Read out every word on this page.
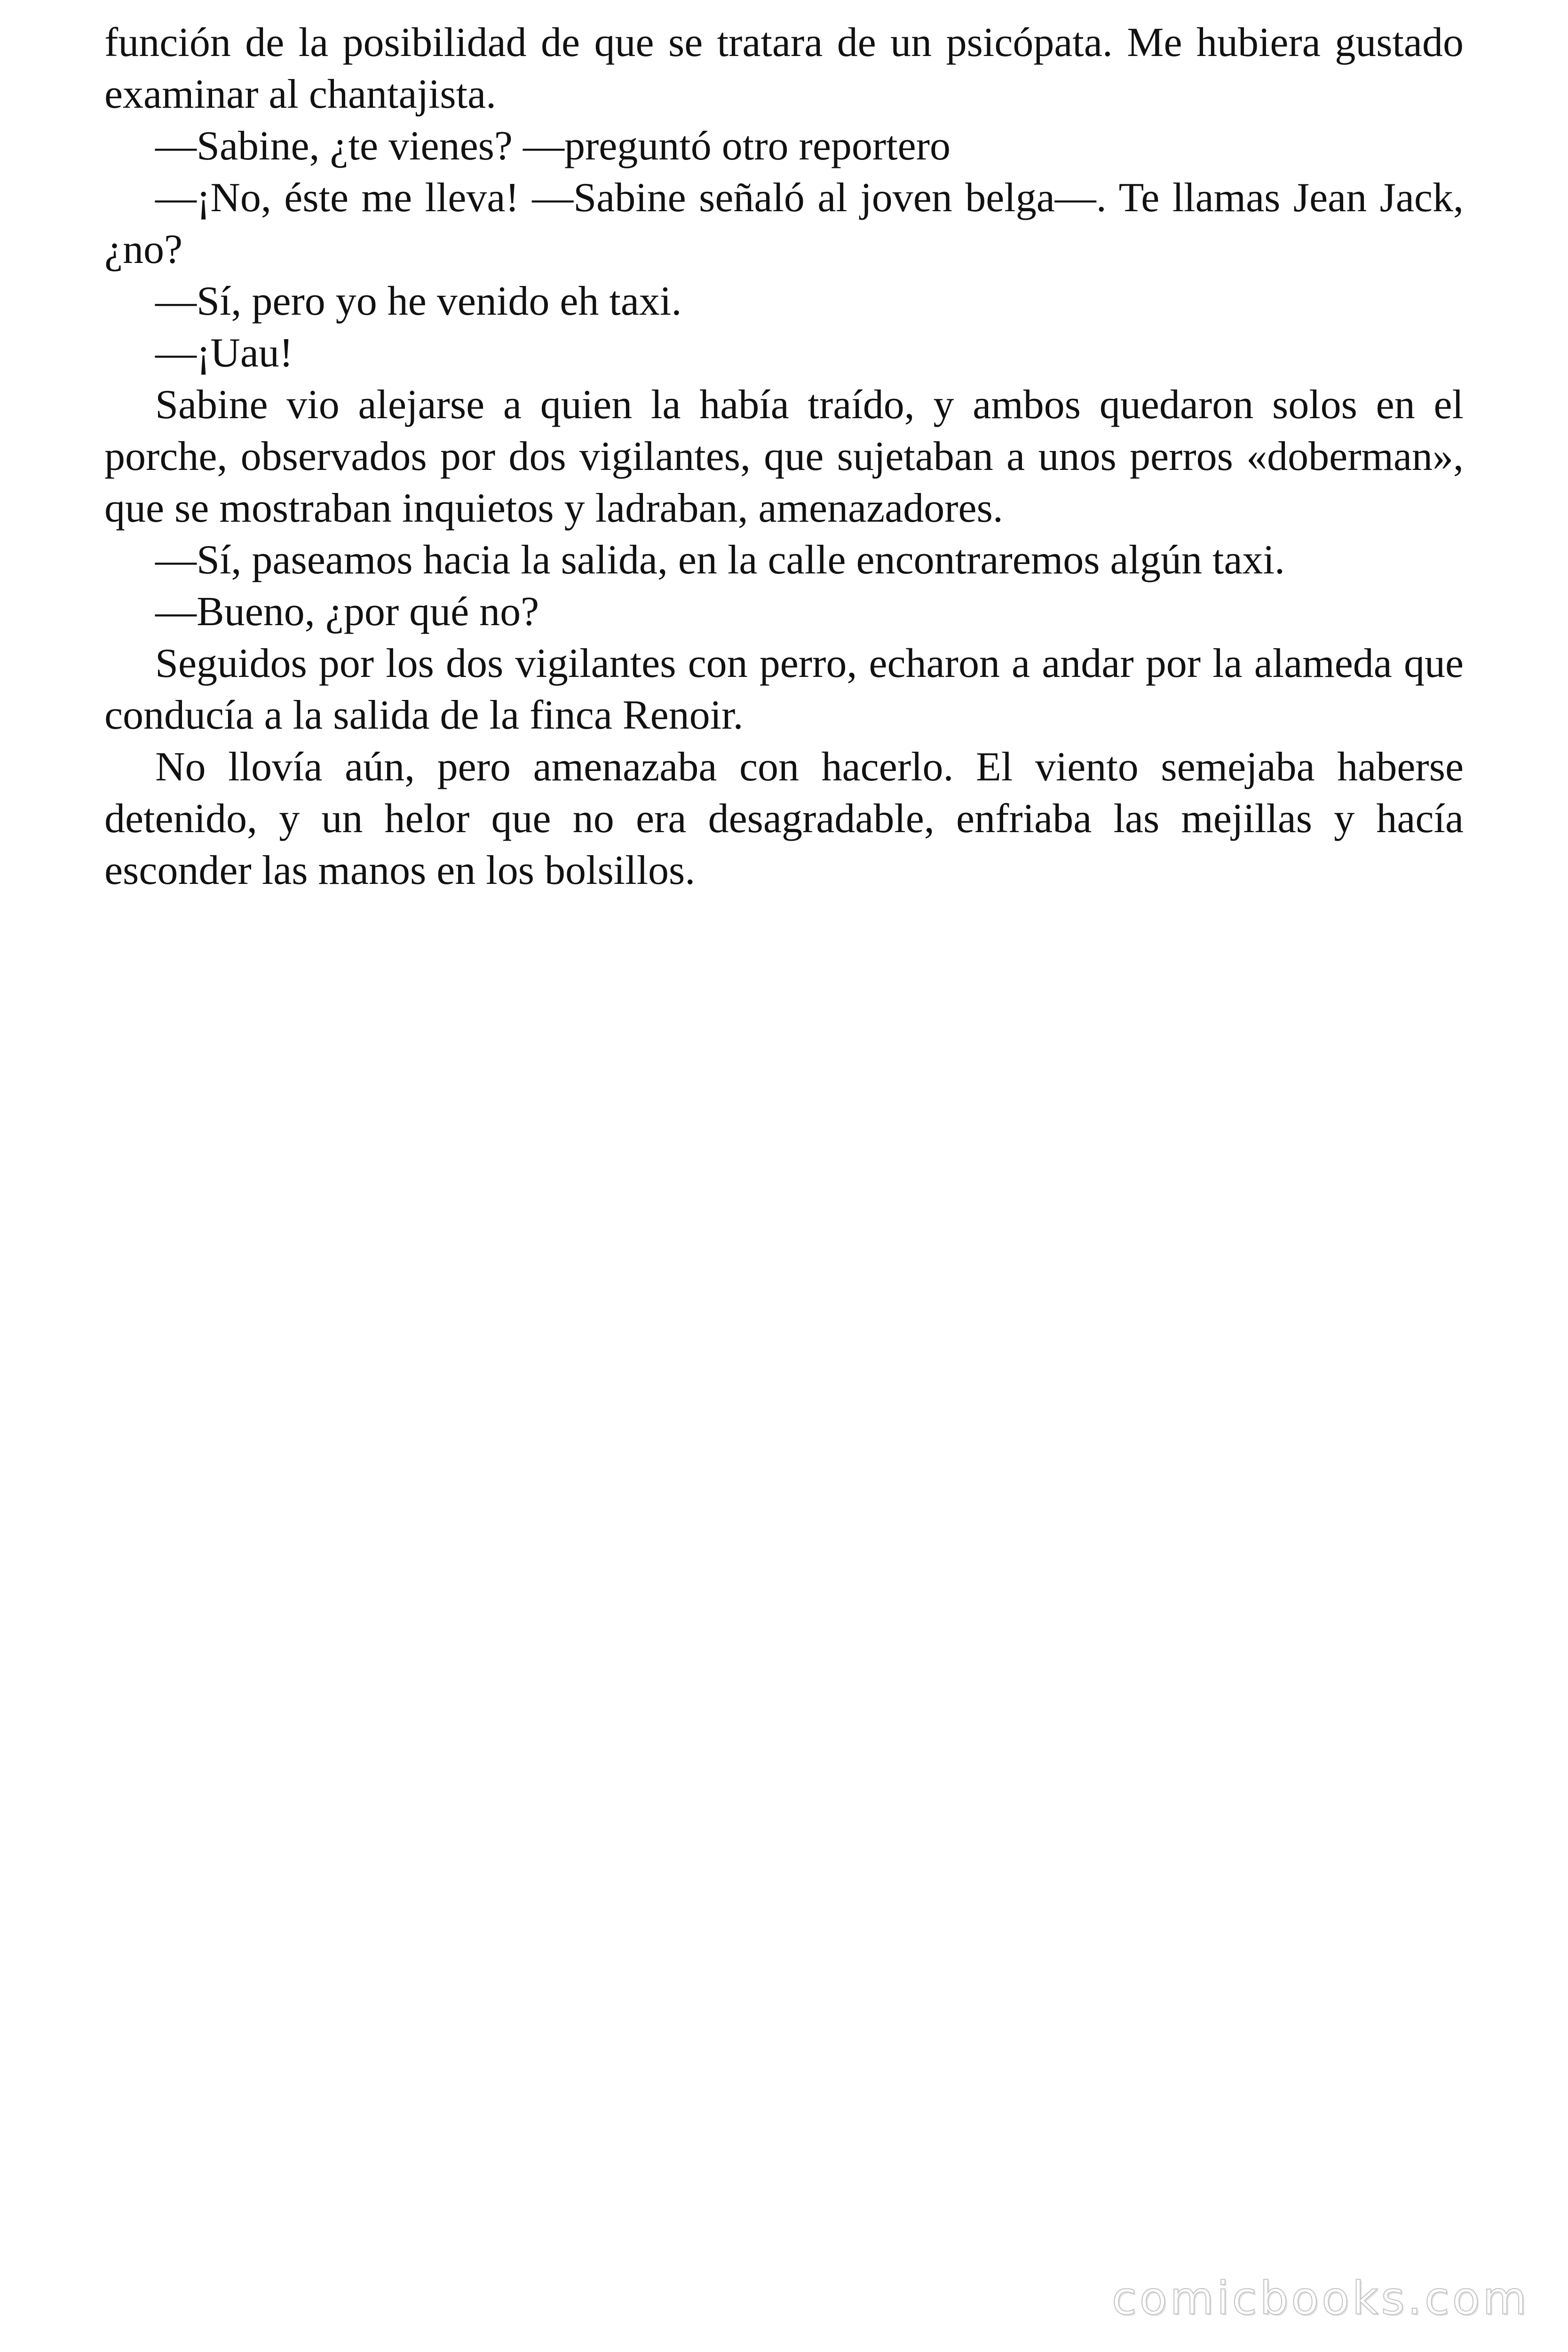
función de la posibilidad de que se tratara de un psicópata. Me hubiera gustado examinar al chantajista.

—Sabine, ¿te vienes? —preguntó otro reportero

—¡No, éste me lleva! —Sabine señaló al joven belga—. Te llamas Jean Jack, ¿no?

—Sí, pero yo he venido eh taxi.

—¡Uau!

Sabine vio alejarse a quien la había traído, y ambos quedaron solos en el porche, observados por dos vigilantes, que sujetaban a unos perros «doberman», que se mostraban inquietos y ladraban, amenazadores.

—Sí, paseamos hacia la salida, en la calle encontraremos algún taxi.

—Bueno, ¿por qué no?

Seguidos por los dos vigilantes con perro, echaron a andar por la alameda que conducía a la salida de la finca Renoir.

No llovía aún, pero amenazaba con hacerlo. El viento semejaba haberse detenido, y un helor que no era desagradable, enfriaba las mejillas y hacía esconder las manos en los bolsillos.

comicbooks.com
